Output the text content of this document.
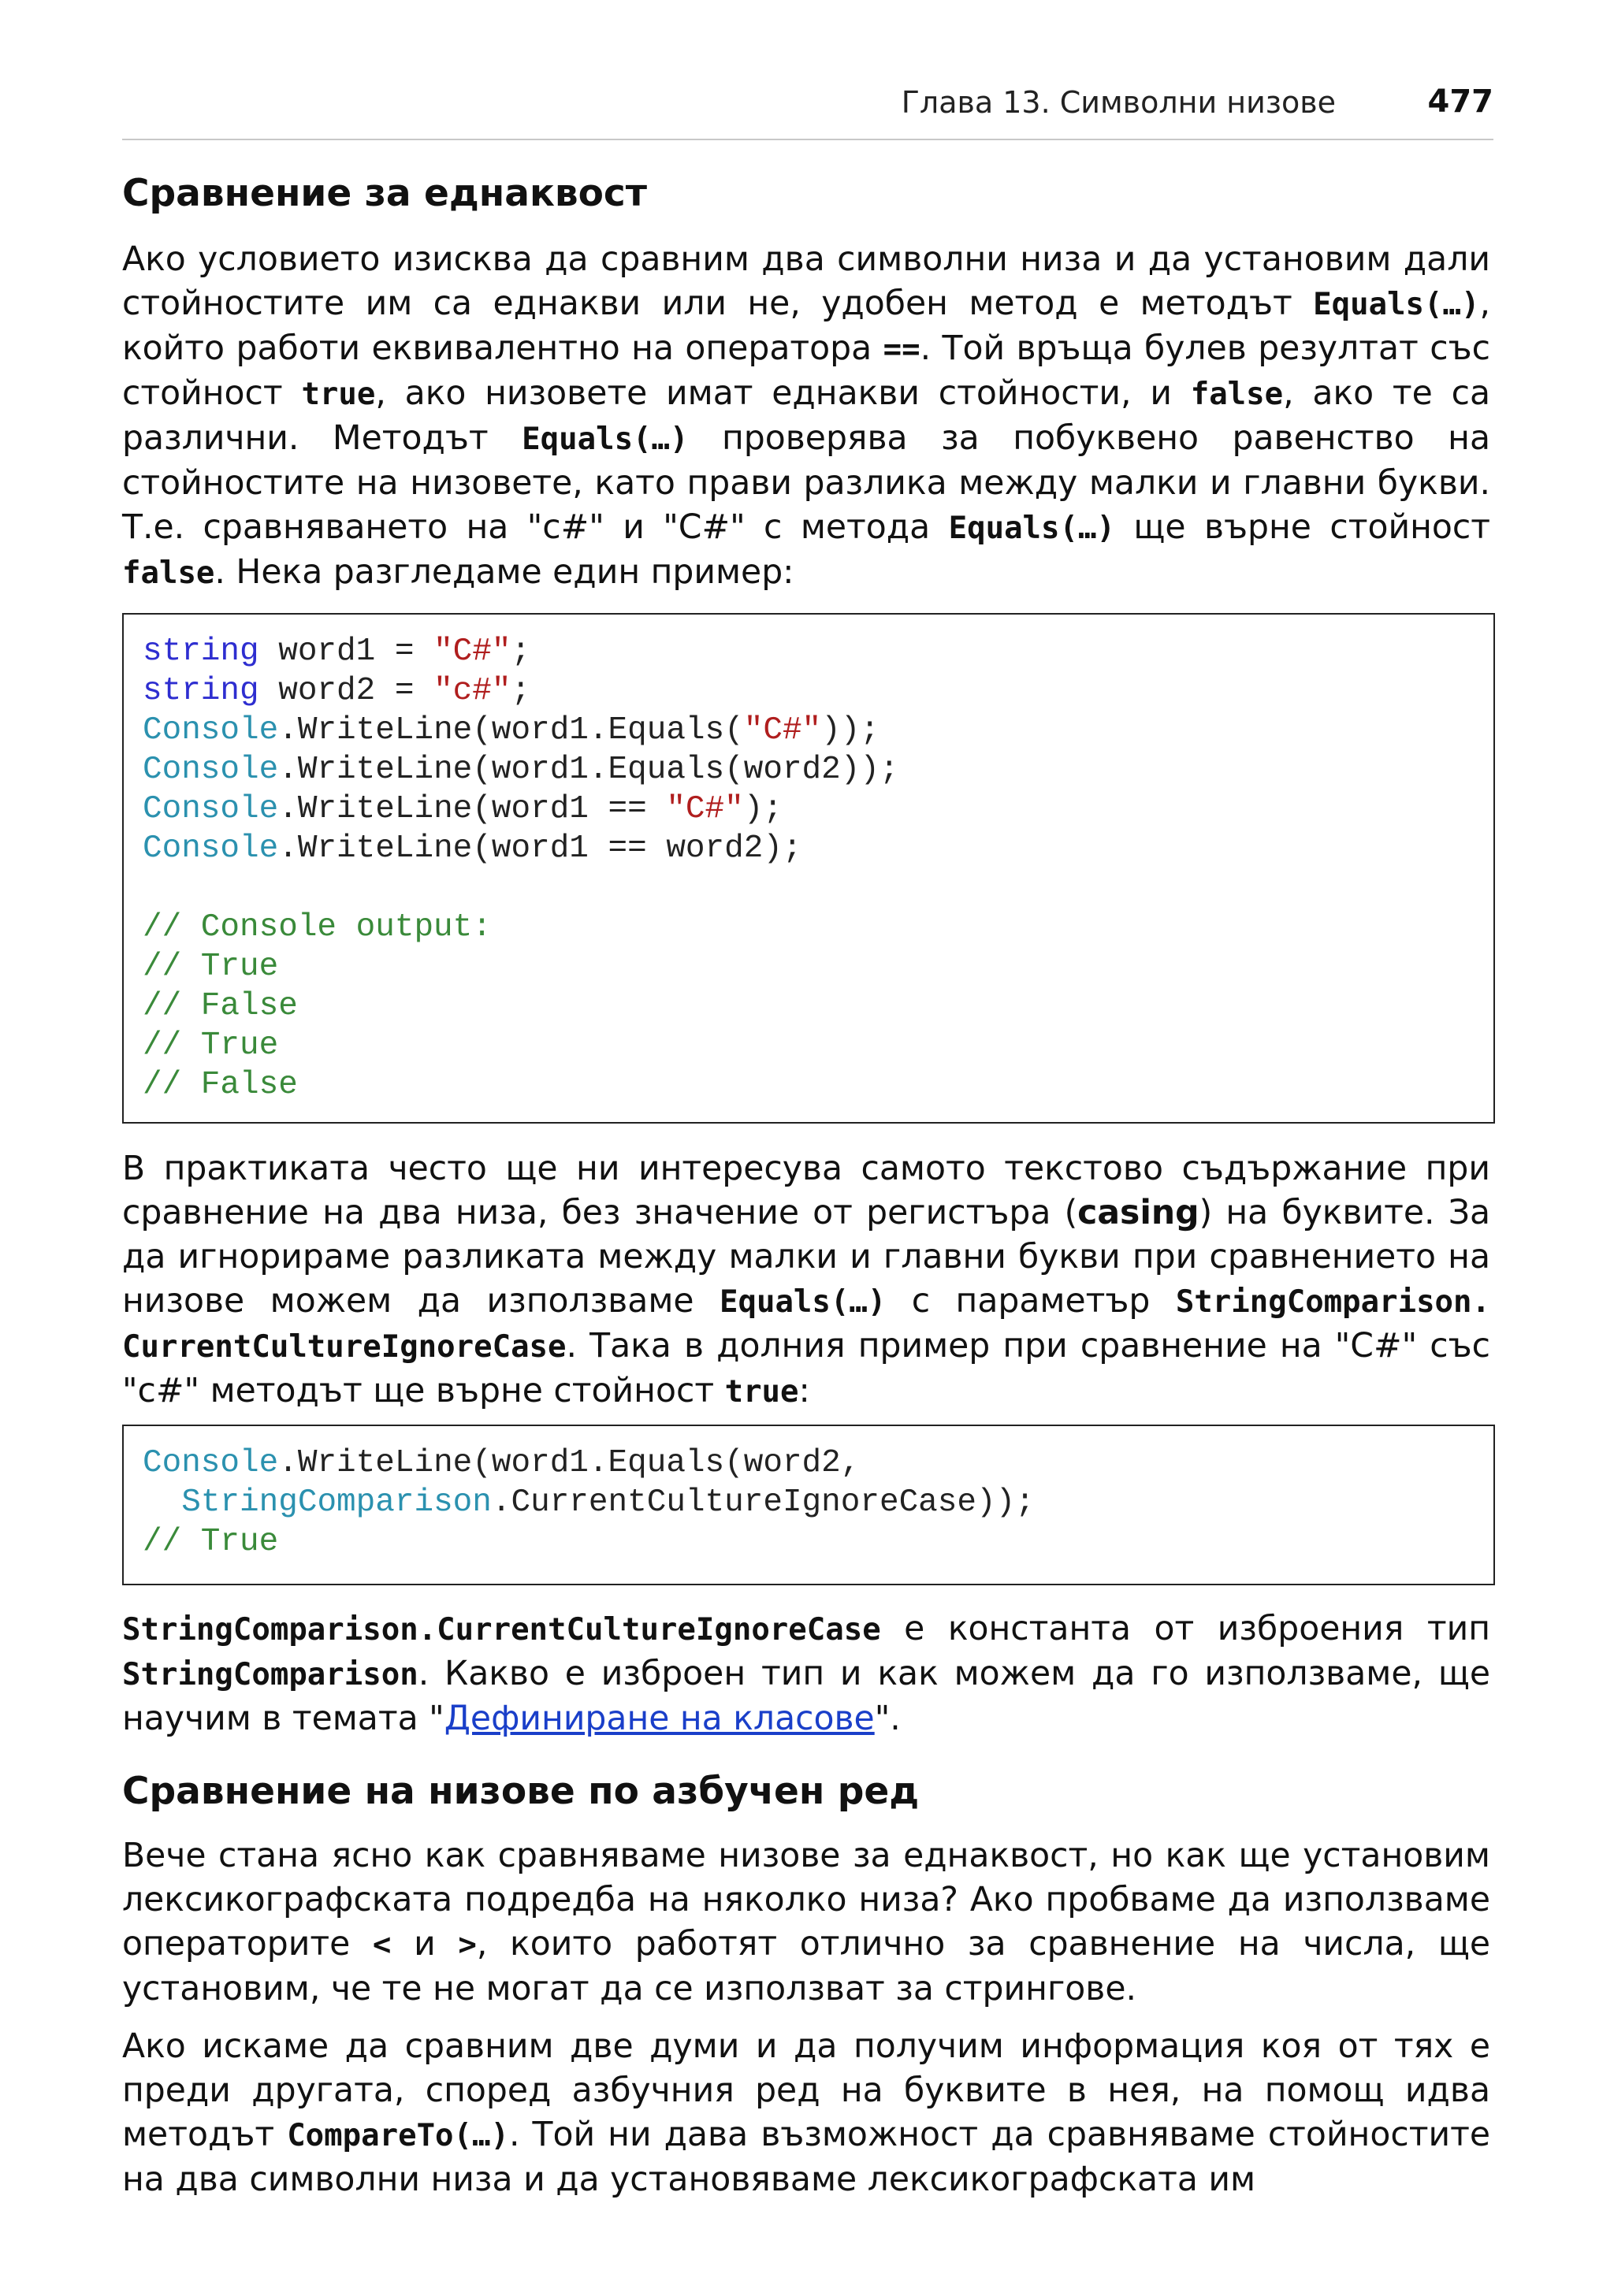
Глава 13. Символни низове	477
Сравнение за еднаквост

Ако условието изисква да сравним два символни низа и да установим дали стойностите им са еднакви или не, удобен метод е методът Equals(…), който работи еквивалентно на оператора ==. Той връща булев резултат със стойност true, ако низовете имат еднакви стойности, и false, ако те са различни. Методът Equals(…) проверява за побуквено равенство на стойностите на низовете, като прави разлика между малки и главни букви. Т.е. сравняването на "c#" и "C#" с метода Equals(…) ще върне стойност false. Нека разгледаме един пример:

string word1 = "C#";
string word2 = "c#";
Console.WriteLine(word1.Equals("C#"));
Console.WriteLine(word1.Equals(word2));
Console.WriteLine(word1 == "C#");
Console.WriteLine(word1 == word2);
// Console output:
// True
// False
// True
// False

В практиката често ще ни интересува самото текстово съдържание при сравнение на два низа, без значение от регистъра (casing) на буквите. За да игнорираме разликата между малки и главни букви при сравнението на низове можем да използваме Equals(…) с параметър StringComparison. CurrentCultureIgnoreCase. Така в долния пример при сравнение на "C#" със "c#" методът ще върне стойност true:

Console.WriteLine(word1.Equals(word2,
StringComparison.CurrentCultureIgnoreCase));
// True

StringComparison.CurrentCultureIgnoreCase е константа от изброения тип StringComparison. Какво е изброен тип и как можем да го използваме, ще научим в темата "Дефиниране на класове".

Сравнение на низове по азбучен ред

Вече стана ясно как сравняваме низове за еднаквост, но как ще установим лексикографската подредба на няколко низа? Ако пробваме да използваме операторите < и >, които работят отлично за сравнение на числа, ще установим, че те не могат да се използват за стрингове.

Ако искаме да сравним две думи и да получим информация коя от тях е преди другата, според азбучния ред на буквите в нея, на помощ идва методът CompareTo(…). Той ни дава възможност да сравняваме стойностите на два символни низа и да установяваме лексикографската им
